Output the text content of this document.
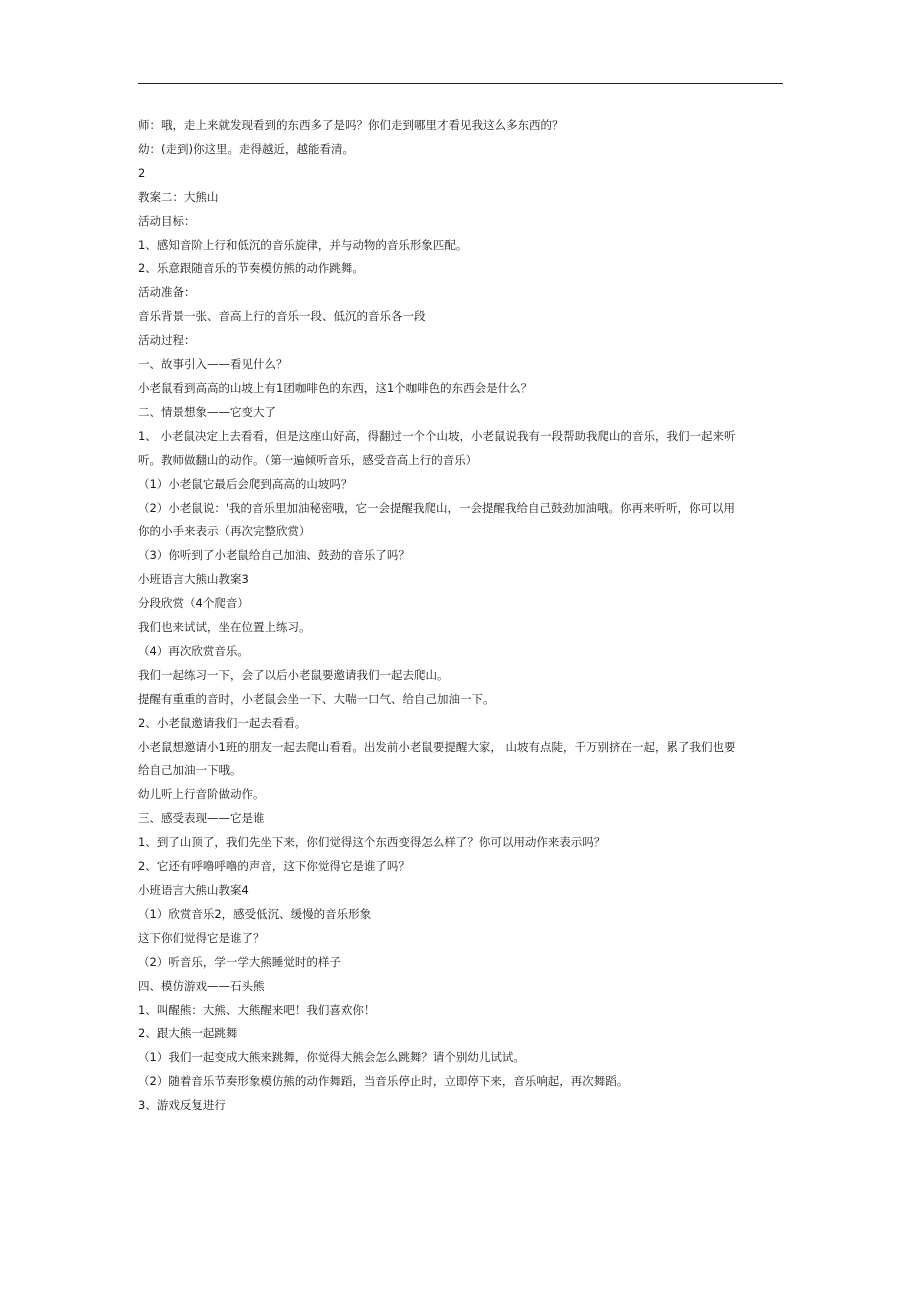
师：哦，走上来就发现看到的东西多了是吗？你们走到哪里才看见我这么多东西的？

幼：(走到)你这里。走得越近，越能看清。

2

教案二：大熊山

活动目标：

1、感知音阶上行和低沉的音乐旋律，并与动物的音乐形象匹配。

2、乐意跟随音乐的节奏模仿熊的动作跳舞。

活动准备：

音乐背景一张、音高上行的音乐一段、低沉的音乐各一段

活动过程：

一、故事引入——看见什么？

小老鼠看到高高的山坡上有1团咖啡色的东西，这1个咖啡色的东西会是什么？

二、情景想象——它变大了

1、 小老鼠决定上去看看，但是这座山好高，得翻过一个个山坡，小老鼠说我有一段帮助我爬山的音乐，我们一起来听

听。教师做翻山的动作。（第一遍倾听音乐，感受音高上行的音乐）

（1）小老鼠它最后会爬到高高的山坡吗？

（2）小老鼠说：'我的音乐里加油秘密哦，它一会提醒我爬山，一会提醒我给自己鼓劲加油哦。你再来听听，你可以用

你的小手来表示（再次完整欣赏）

（3）你听到了小老鼠给自己加油、鼓劲的音乐了吗？

小班语言大熊山教案3

分段欣赏（4个爬音）

我们也来试试，坐在位置上练习。

（4）再次欣赏音乐。

我们一起练习一下，会了以后小老鼠要邀请我们一起去爬山。

提醒有重重的音时，小老鼠会坐一下、大喘一口气、给自己加油一下。

2、小老鼠邀请我们一起去看看。

小老鼠想邀请小1班的朋友一起去爬山看看。出发前小老鼠要提醒大家， 山坡有点陡，千万别挤在一起，累了我们也要

给自己加油一下哦。

幼儿听上行音阶做动作。

三、感受表现——它是谁

1、到了山顶了，我们先坐下来，你们觉得这个东西变得怎么样了？你可以用动作来表示吗？

2、它还有呼噜呼噜的声音，这下你觉得它是谁了吗？

小班语言大熊山教案4

（1）欣赏音乐2，感受低沉、缓慢的音乐形象

这下你们觉得它是谁了？

（2）听音乐，学一学大熊睡觉时的样子

四、模仿游戏——石头熊

1、叫醒熊：大熊、大熊醒来吧！我们喜欢你！

2、跟大熊一起跳舞

（1）我们一起变成大熊来跳舞，你觉得大熊会怎么跳舞？请个别幼儿试试。

（2）随着音乐节奏形象模仿熊的动作舞蹈，当音乐停止时，立即停下来，音乐响起，再次舞蹈。

3、游戏反复进行
